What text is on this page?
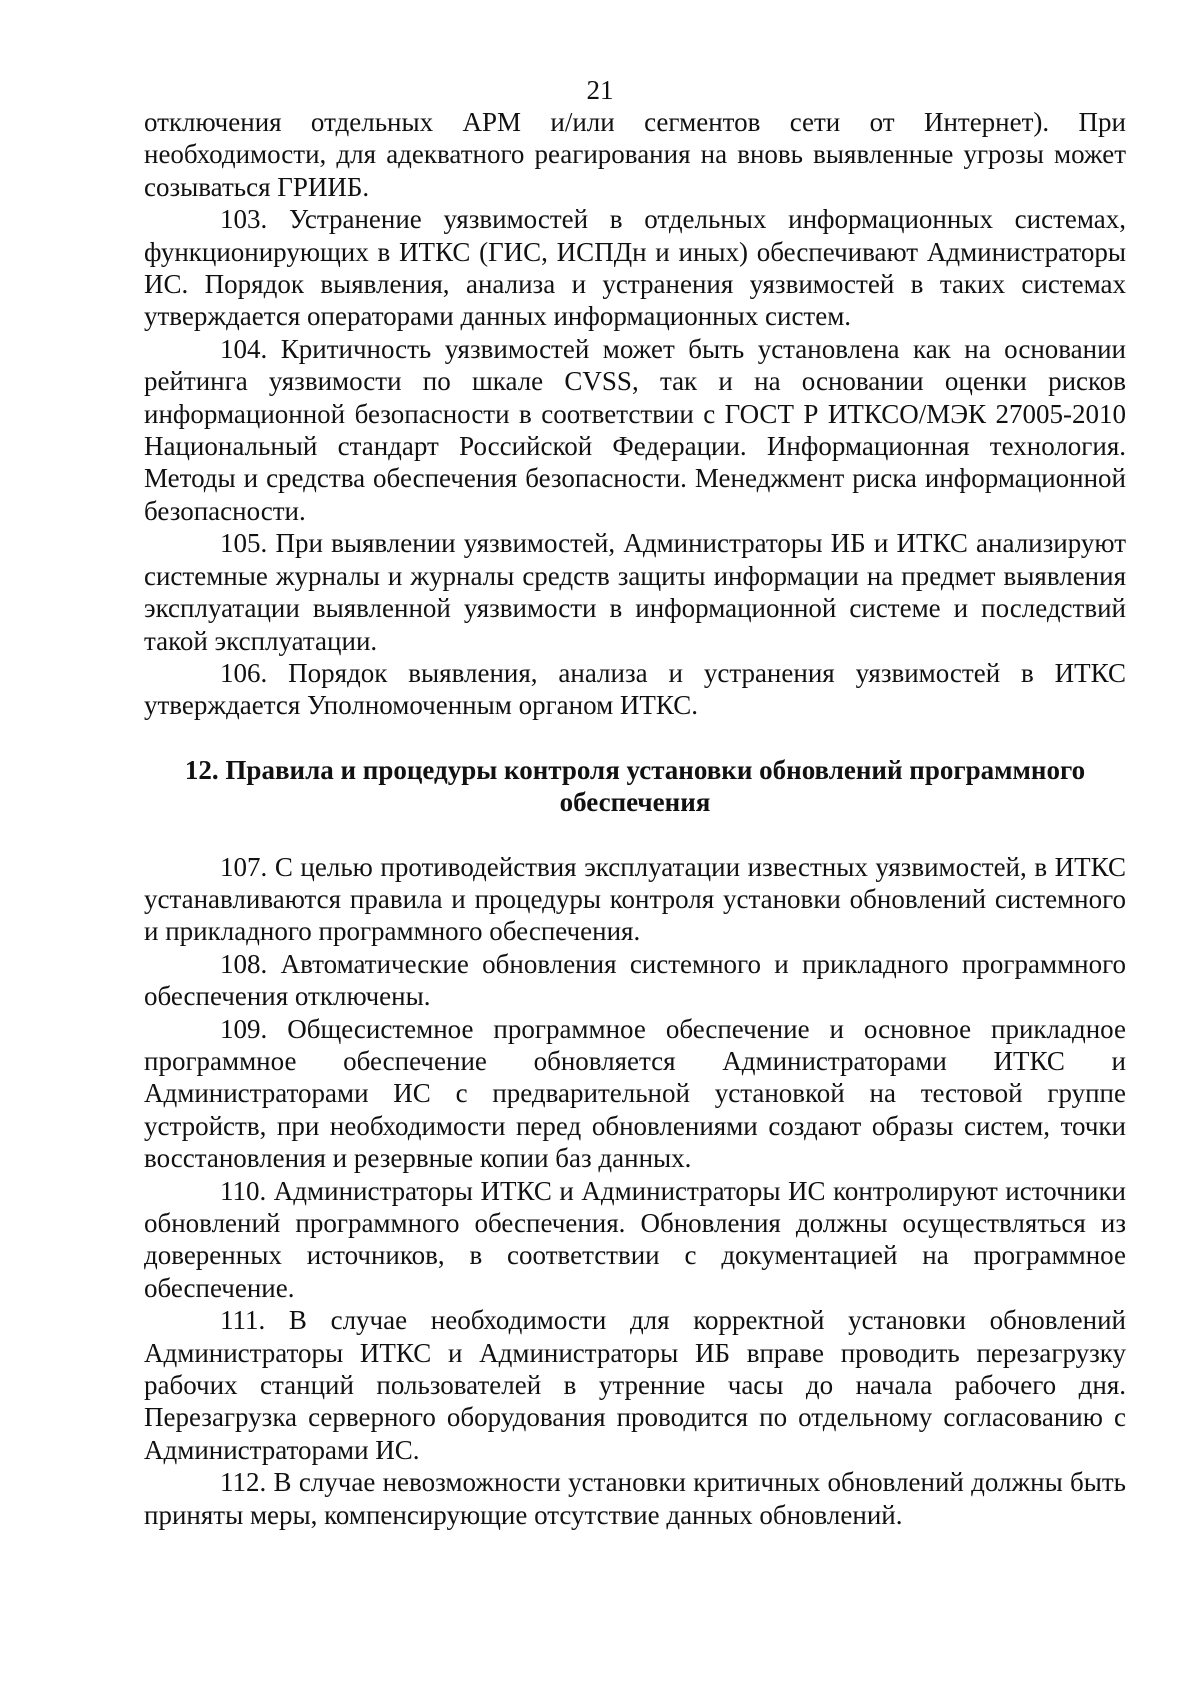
21

отключения отдельных АРМ и/или сегментов сети от Интернет). При необходимости, для адекватного реагирования на вновь выявленные угрозы может созываться ГРИИБ.

103. Устранение уязвимостей в отдельных информационных системах, функционирующих в ИТКС (ГИС, ИСПДн и иных) обеспечивают Администраторы ИС. Порядок выявления, анализа и устранения уязвимостей в таких системах утверждается операторами данных информационных систем.

104. Критичность уязвимостей может быть установлена как на основании рейтинга уязвимости по шкале CVSS, так и на основании оценки рисков информационной безопасности в соответствии с ГОСТ Р ИТКСО/МЭК 27005-2010 Национальный стандарт Российской Федерации. Информационная технология. Методы и средства обеспечения безопасности. Менеджмент риска информационной безопасности.

105. При выявлении уязвимостей, Администраторы ИБ и ИТКС анализируют системные журналы и журналы средств защиты информации на предмет выявления эксплуатации выявленной уязвимости в информационной системе и последствий такой эксплуатации.

106. Порядок выявления, анализа и устранения уязвимостей в ИТКС утверждается Уполномоченным органом ИТКС.

12. Правила и процедуры контроля установки обновлений программного обеспечения

107. С целью противодействия эксплуатации известных уязвимостей, в ИТКС устанавливаются правила и процедуры контроля установки обновлений системного и прикладного программного обеспечения.

108. Автоматические обновления системного и прикладного программного обеспечения отключены.

109. Общесистемное программное обеспечение и основное прикладное программное обеспечение обновляется Администраторами ИТКС и Администраторами ИС с предварительной установкой на тестовой группе устройств, при необходимости перед обновлениями создают образы систем, точки восстановления и резервные копии баз данных.

110. Администраторы ИТКС и Администраторы ИС контролируют источники обновлений программного обеспечения. Обновления должны осуществляться из доверенных источников, в соответствии с документацией на программное обеспечение.

111. В случае необходимости для корректной установки обновлений Администраторы ИТКС и Администраторы ИБ вправе проводить перезагрузку рабочих станций пользователей в утренние часы до начала рабочего дня. Перезагрузка серверного оборудования проводится по отдельному согласованию с Администраторами ИС.

112. В случае невозможности установки критичных обновлений должны быть приняты меры, компенсирующие отсутствие данных обновлений.
